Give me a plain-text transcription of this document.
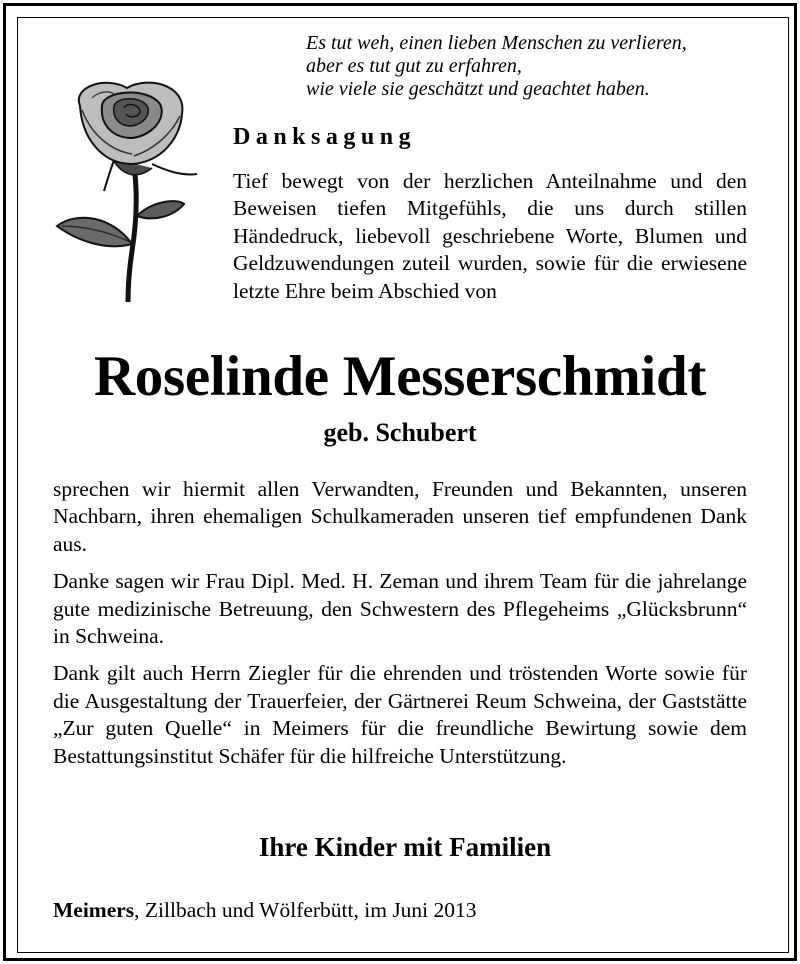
Es tut weh, einen lieben Menschen zu verlieren,
aber es tut gut zu erfahren,
wie viele sie geschätzt und geachtet haben.
Danksagung
Tief bewegt von der herzlichen Anteilnahme und den Beweisen tiefen Mitgefühls, die uns durch stillen Händedruck, liebevoll geschriebene Worte, Blumen und Geldzuwendungen zuteil wurden, sowie für die erwiesene letzte Ehre beim Abschied von
Roselinde Messerschmidt
geb. Schubert

sprechen wir hiermit allen Verwandten, Freunden und Bekannten, unseren Nachbarn, ihren ehemaligen Schulkameraden unseren tief empfundenen Dank aus.

Danke sagen wir Frau Dipl. Med. H. Zeman und ihrem Team für die jahrelange gute medizinische Betreuung, den Schwestern des Pflegeheims „Glücksbrunn“ in Schweina.

Dank gilt auch Herrn Ziegler für die ehrenden und tröstenden Worte sowie für die Ausgestaltung der Trauerfeier, der Gärtnerei Reum Schweina, der Gaststätte „Zur guten Quelle“ in Meimers für die freundliche Bewirtung sowie dem Bestattungsinstitut Schäfer für die hilfreiche Unterstützung.

Ihre Kinder mit Familien
Meimers, Zillbach und Wölferbütt, im Juni 2013
